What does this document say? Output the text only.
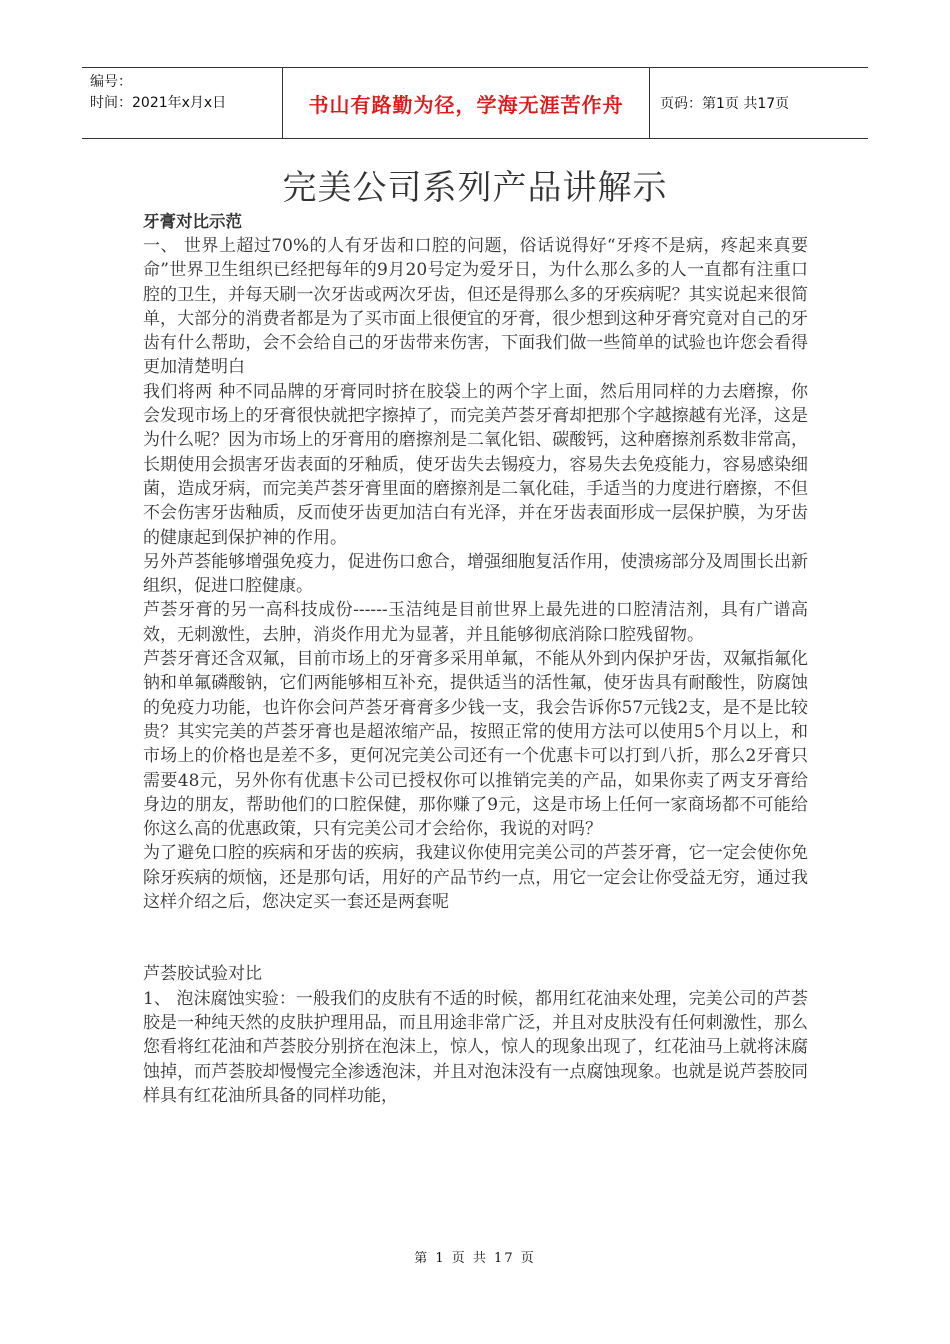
编号：
时间：2021年x月x日	书山有路勤为径，学海无涯苦作舟	页码：第1页 共17页
完美公司系列产品讲解示
牙膏对比示范
一、 世界上超过70%的人有牙齿和口腔的问题，俗话说得好“牙疼不是病，疼起来真要命”世界卫生组织已经把每年的9月20号定为爱牙日，为什么那么多的人一直都有注重口腔的卫生，并每天刷一次牙齿或两次牙齿，但还是得那么多的牙疾病呢？其实说起来很简单，大部分的消费者都是为了买市面上很便宜的牙膏，很少想到这种牙膏究竟对自己的牙齿有什么帮助，会不会给自己的牙齿带来伤害，下面我们做一些简单的试验也许您会看得更加清楚明白
我们将两 种不同品牌的牙膏同时挤在胶袋上的两个字上面，然后用同样的力去磨擦，你会发现市场上的牙膏很快就把字擦掉了，而完美芦荟牙膏却把那个字越擦越有光泽，这是为什么呢？因为市场上的牙膏用的磨擦剂是二氧化铝、碳酸钙，这种磨擦剂系数非常高，长期使用会损害牙齿表面的牙釉质，使牙齿失去锡疫力，容易失去免疫能力，容易感染细菌，造成牙病，而完美芦荟牙膏里面的磨擦剂是二氧化硅，手适当的力度进行磨擦，不但不会伤害牙齿釉质，反而使牙齿更加洁白有光泽，并在牙齿表面形成一层保护膜，为牙齿的健康起到保护神的作用。
另外芦荟能够增强免疫力，促进伤口愈合，增强细胞复活作用，使溃疡部分及周围长出新组织，促进口腔健康。
芦荟牙膏的另一高科技成份------玉洁纯是目前世界上最先进的口腔清洁剂，具有广谱高效，无刺激性，去肿，消炎作用尤为显著，并且能够彻底消除口腔残留物。
芦荟牙膏还含双氟，目前市场上的牙膏多采用单氟，不能从外到内保护牙齿，双氟指氟化钠和单氟磷酸钠，它们两能够相互补充，提供适当的活性氟，使牙齿具有耐酸性，防腐蚀的免疫力功能，也许你会问芦荟牙膏膏多少钱一支，我会告诉你57元钱2支，是不是比较贵？其实完美的芦荟牙膏也是超浓缩产品，按照正常的使用方法可以使用5个月以上，和市场上的价格也是差不多，更何况完美公司还有一个优惠卡可以打到八折，那么2牙膏只需要48元，另外你有优惠卡公司已授权你可以推销完美的产品，如果你卖了两支牙膏给身边的朋友，帮助他们的口腔保健，那你赚了9元，这是市场上任何一家商场都不可能给你这么高的优惠政策，只有完美公司才会给你，我说的对吗？
为了避免口腔的疾病和牙齿的疾病，我建议你使用完美公司的芦荟牙膏，它一定会使你免除牙疾病的烦恼，还是那句话，用好的产品节约一点，用它一定会让你受益无穷，通过我这样介绍之后，您决定买一套还是两套呢
芦荟胶试验对比
1、 泡沫腐蚀实验：一般我们的皮肤有不适的时候，都用红花油来处理，完美公司的芦荟胶是一种纯天然的皮肤护理用品，而且用途非常广泛，并且对皮肤没有任何刺激性，那么您看将红花油和芦荟胶分别挤在泡沫上，惊人，惊人的现象出现了，红花油马上就将沫腐蚀掉，而芦荟胶却慢慢完全渗透泡沫，并且对泡沫没有一点腐蚀现象。也就是说芦荟胶同样具有红花油所具备的同样功能，
第 1 页 共 17 页
